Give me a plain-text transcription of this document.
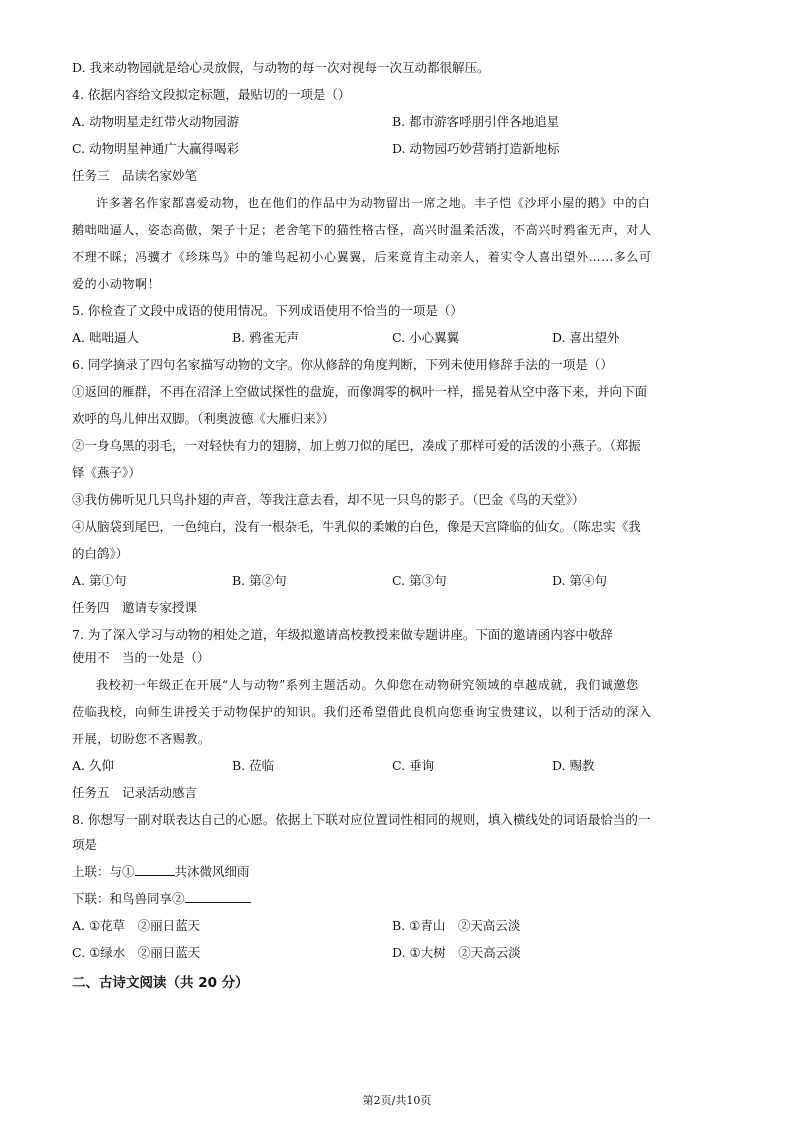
D. 我来动物园就是给心灵放假，与动物的每一次对视每一次互动都很解压。
4. 依据内容给文段拟定标题，最贴切的一项是（）
A. 动物明星走红带火动物园游	B. 都市游客呼朋引伴各地追星
C. 动物明星神通广大赢得喝彩	D. 动物园巧妙营销打造新地标
任务三　品读名家妙笔
许多著名作家都喜爱动物，也在他们的作品中为动物留出一席之地。丰子恺《沙坪小屋的鹅》中的白
鹅咄咄逼人，姿态高傲，架子十足；老舍笔下的猫性格古怪，高兴时温柔活泼，不高兴时鸦雀无声，对人
不理不睬；冯骥才《珍珠鸟》中的雏鸟起初小心翼翼，后来竟肯主动亲人，着实令人喜出望外……多么可
爱的小动物啊！
5. 你检查了文段中成语的使用情况。下列成语使用不恰当的一项是（）
A. 咄咄逼人	B. 鸦雀无声	C. 小心翼翼	D. 喜出望外
6. 同学摘录了四句名家描写动物的文字。你从修辞的角度判断，下列未使用修辞手法的一项是（）
①返回的雁群，不再在沼泽上空做试探性的盘旋，而像凋零的枫叶一样，摇晃着从空中落下来，并向下面
欢呼的鸟儿伸出双脚。（利奥波德《大雁归来》）
②一身乌黑的羽毛，一对轻快有力的翅膀，加上剪刀似的尾巴，凑成了那样可爱的活泼的小燕子。（郑振
铎《燕子》）
③我仿佛听见几只鸟扑翅的声音，等我注意去看，却不见一只鸟的影子。（巴金《鸟的天堂》）
④从脑袋到尾巴，一色纯白，没有一根杂毛，牛乳似的柔嫩的白色，像是天宫降临的仙女。（陈忠实《我
的白鸽》）
A. 第①句	B. 第②句	C. 第③句	D. 第④句
任务四　邀请专家授课
7. 为了深入学习与动物的相处之道，年级拟邀请高校教授来做专题讲座。下面的邀请函内容中敬辞
使用不　当的一处是（）
我校初一年级正在开展“人与动物”系列主题活动。久仰您在动物研究领域的卓越成就，我们诚邀您
莅临我校，向师生讲授关于动物保护的知识。我们还希望借此良机向您垂询宝贵建议，以利于活动的深入
开展，切盼您不吝赐教。
A. 久仰	B. 莅临	C. 垂询	D. 赐教
任务五　记录活动感言
8. 你想写一副对联表达自己的心愿。依据上下联对应位置词性相同的规则，填入横线处的词语最恰当的一
项是
上联：与①	共沐微风细雨
下联：和鸟兽同享②
A. ①花草　②丽日蓝天	B. ①青山　②天高云淡
C. ①绿水　②丽日蓝天	D. ①大树　②天高云淡
二、古诗文阅读（共 20 分）
第2页/共10页
